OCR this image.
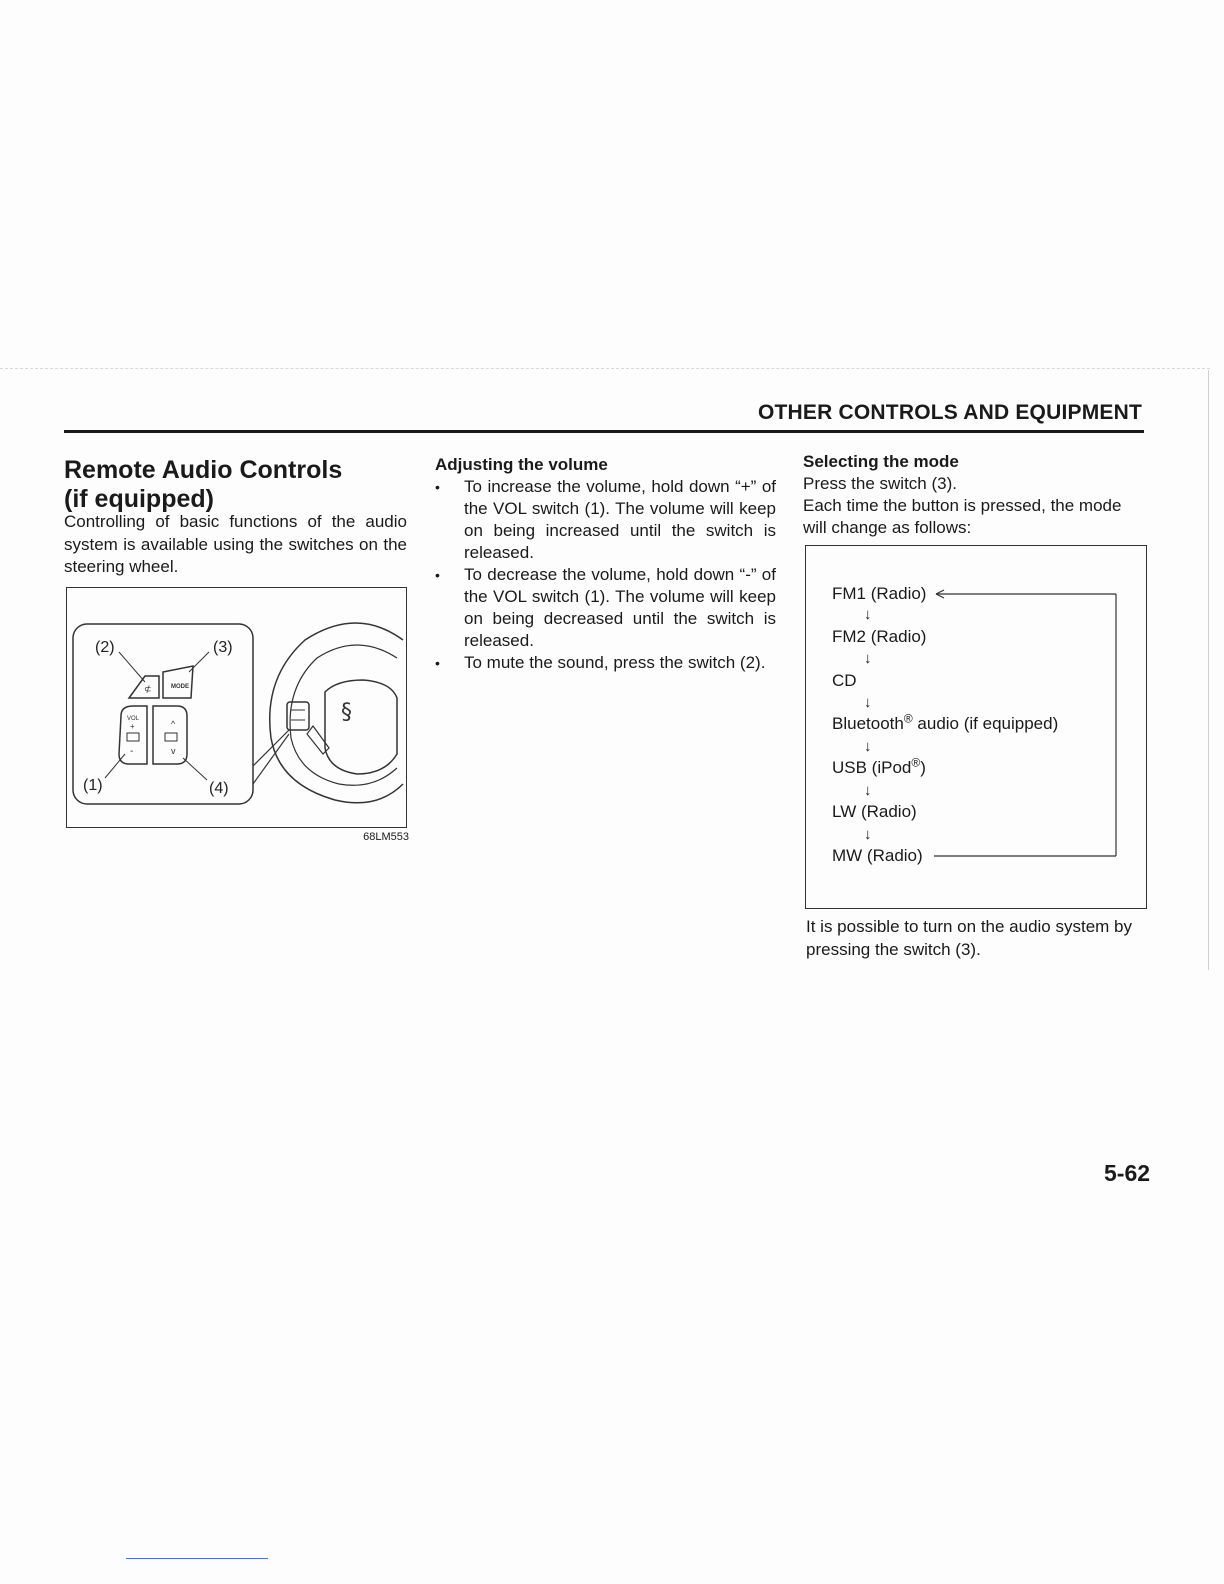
OTHER CONTROLS AND EQUIPMENT
Remote Audio Controls
(if equipped)
Controlling of basic functions of the audio system is available using the switches on the steering wheel.
⊄	MODE
VOL
+
-
^
v
(2)	(3)
(1)	(4)
§
68LM553
Adjusting the volume
• To increase the volume, hold down “+” of the VOL switch (1). The volume will keep on being increased until the switch is released.
• To decrease the volume, hold down “-” of the VOL switch (1). The volume will keep on being decreased until the switch is released.
• To mute the sound, press the switch (2).

Selecting the mode

Press the switch (3).

Each time the button is pressed, the mode will change as follows:

FM1 (Radio)
↓
FM2 (Radio)
↓
CD
↓
Bluetooth® audio (if equipped)
↓
USB (iPod®)
↓
LW (Radio)
↓
MW (Radio)
It is possible to turn on the audio system by pressing the switch (3).
5-62
